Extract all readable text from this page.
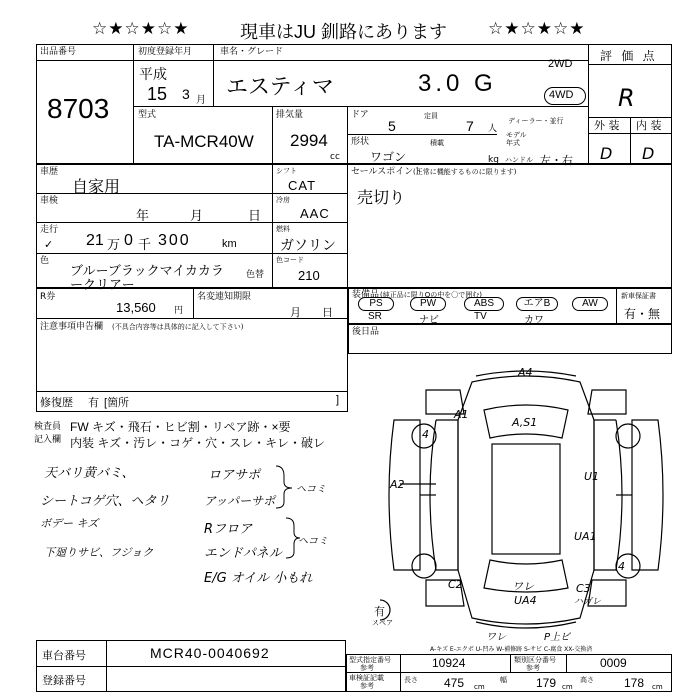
☆★☆★☆★	現車はJU 釧路にあります ☆★☆★☆★
出品番号
8703
初度登録年月	車名・グレード
平成
15 3 月
エスティマ	3.0 G
2WD
4WD
評 価 点
R
外 装 内 装
D D
型式
TA-MCR40W
排気量
2994
cc
ドア
5
定員
7 人
ディーラー・並行
モデル
年式
形状
ワゴン
積載
kg ハンドル 左・右
車歴
自家用
車検
年	月	日
走行
✓ 21 万 0 千 300	km
色
ブルーブラックマイカカラ
ークリアー
色替
シフト
CAT
冷房
AAC
燃料
ガソリン
色コード
210
セールスポイント
(正常に機能するものに限ります)
売切り
R券
13,560 円
名変連知期限
月 日
注意事項申告欄 (不具合内容等は具体的に記入して下さい)
修復歴 有 [箇所	]
装備品 (純正品に限りQの中を〇で囲む)
PS	PW	ABS	エアB	AW
SR	ナビ	TV	カワ
新車保証書
有・無
後日品
検査員
記入欄
FW キズ・飛石・ヒビ割・リペア跡・×要
内装 キズ・汚レ・コゲ・穴・スレ・キレ・破レ
天バリ黄バミ、
シートコゲ穴、ヘタリ
ボデー キズ
下廻りサビ、フジョク
ロアサポ
アッパーサポ
ヘコミ
Rフロア
エンドパネル
ヘコミ
E/G オイル 小もれ
A4
A1
A,S1
4
A2
U1
UA1
4
C2	ワレ
UA4
C3
ハガレ
ワレ	P上ビ
有
スペア
A-キズ E-エクボ U-凹み W-補修跡 S-サビ C-腐食 XX-交換済
車台番号	MCR40-0040692
登録番号
型式指定番号
参考	10924	類別区分番号
参考	0009
車検証記載
参考
長さ 475 cm
幅 179 cm
高さ	178 cm
